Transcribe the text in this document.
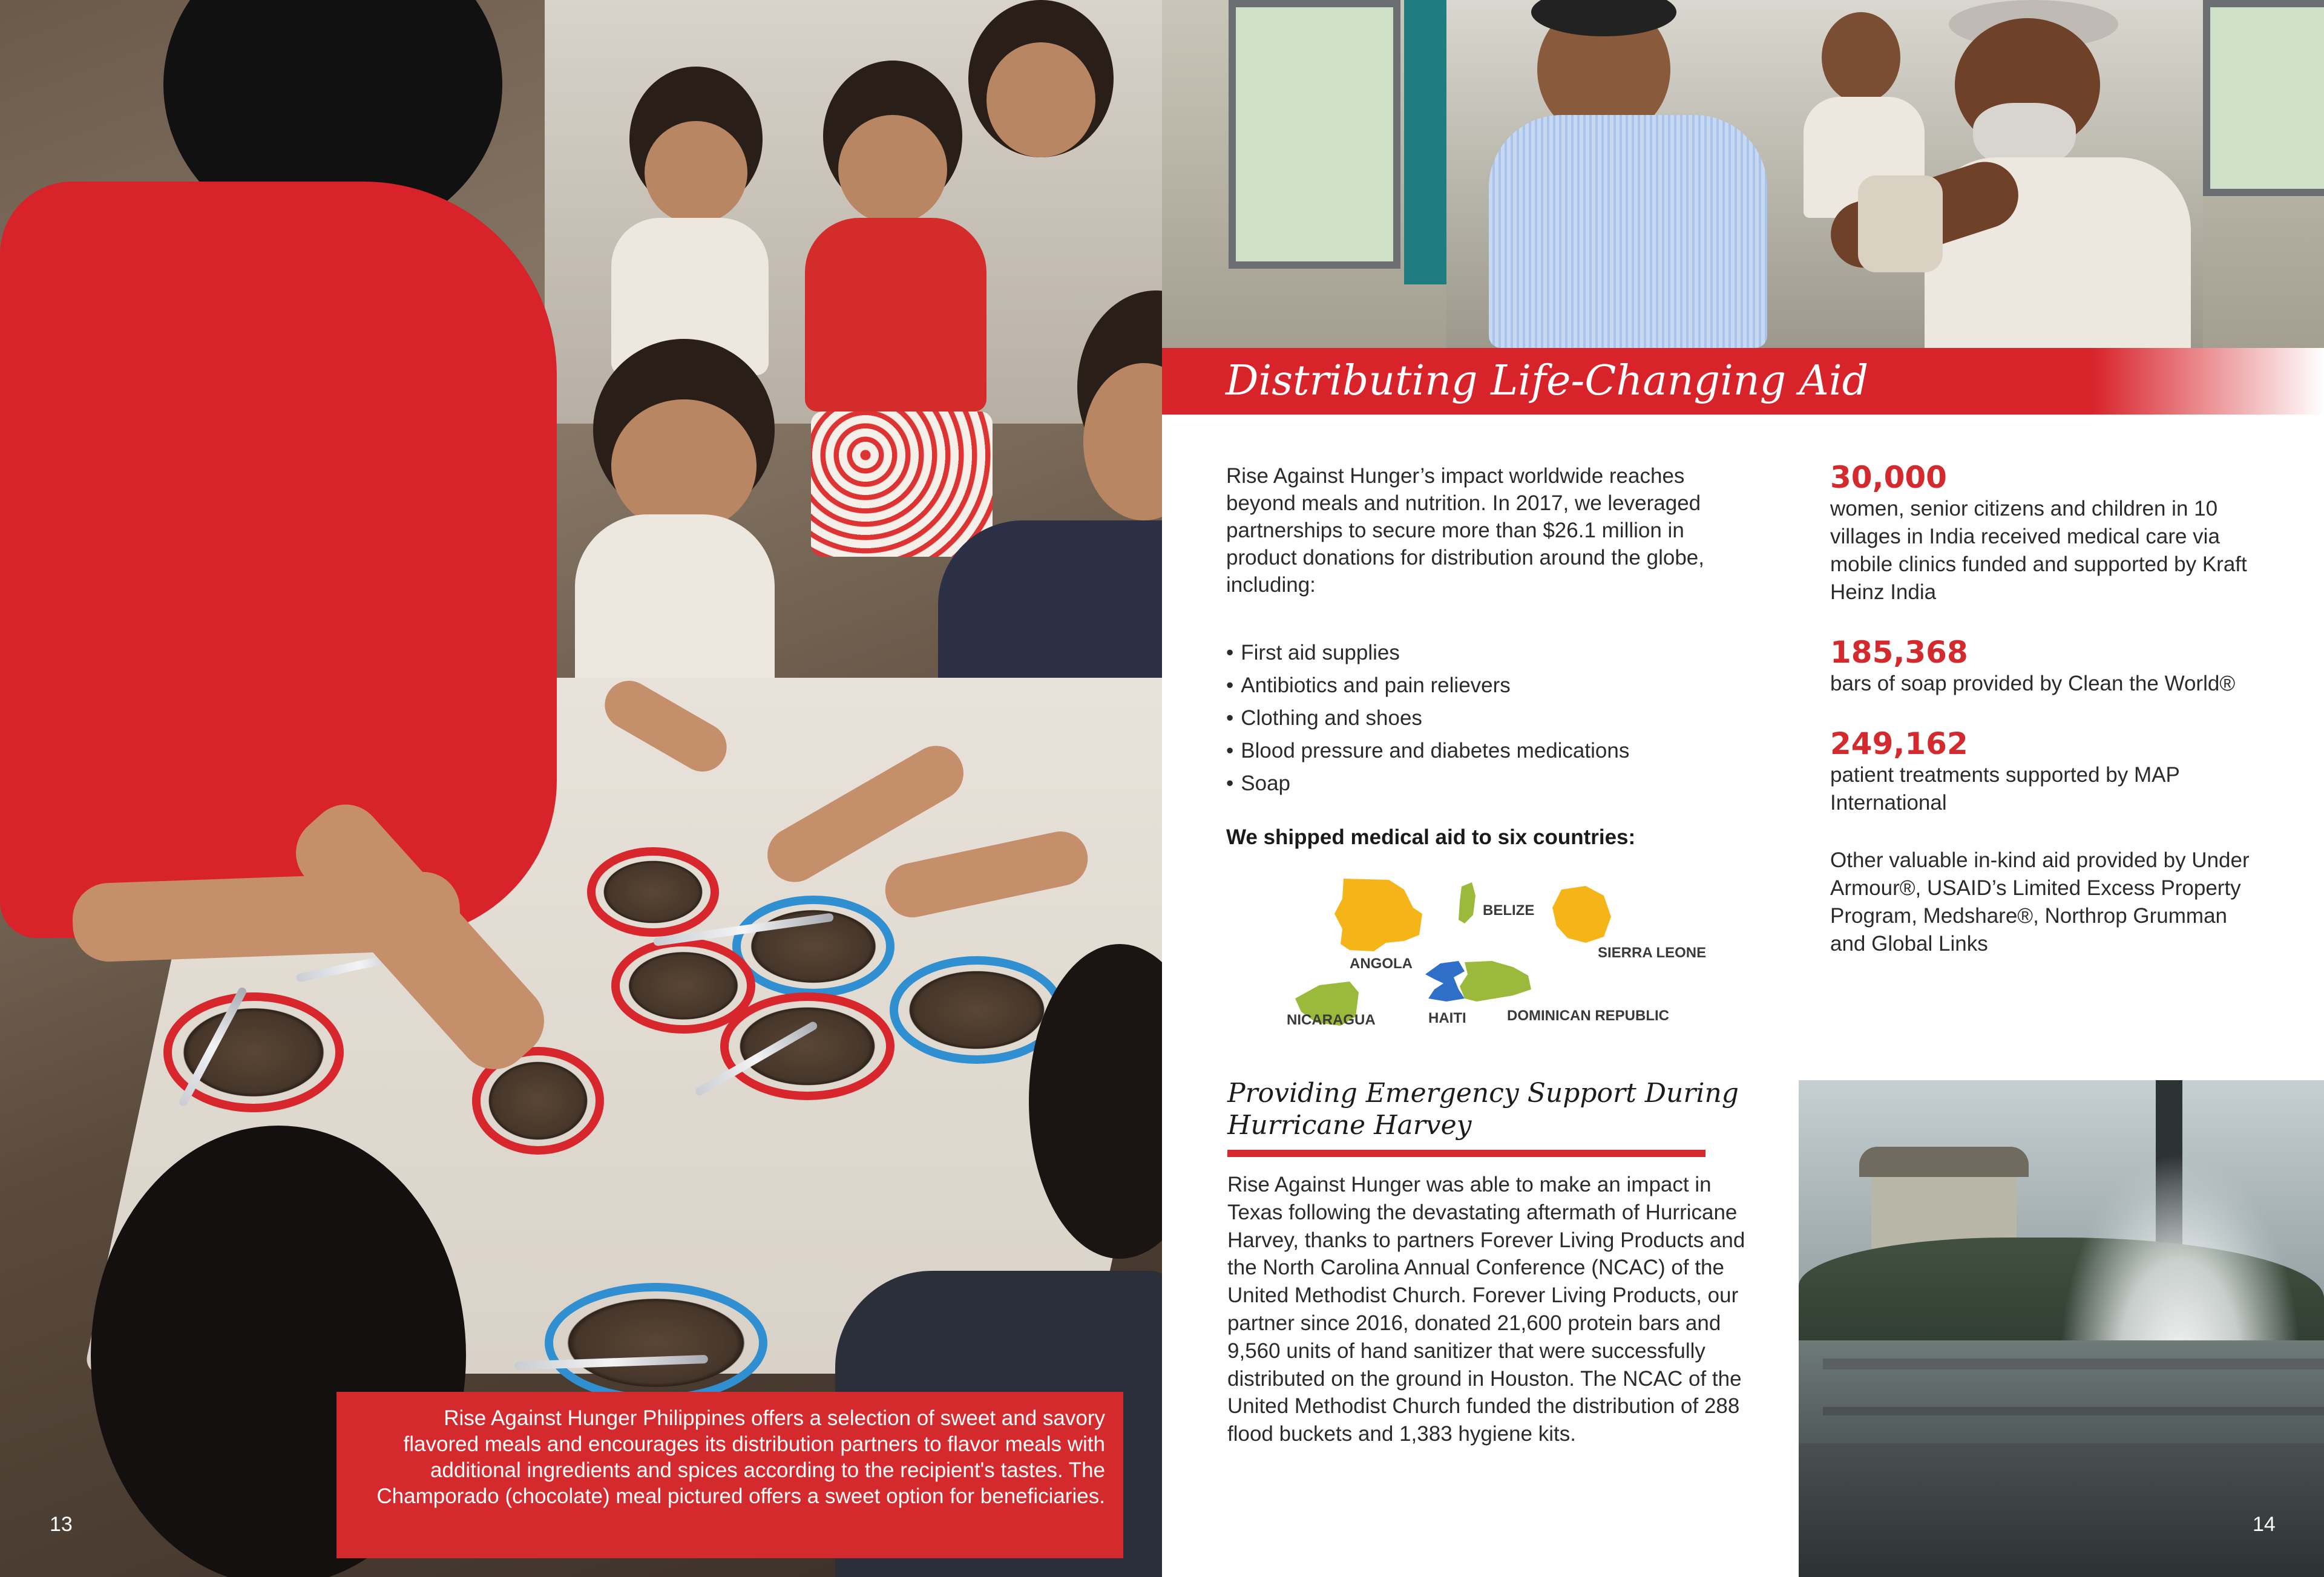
Rise Against Hunger Philippines offers a selection of sweet and savory flavored meals and encourages its distribution partners to flavor meals with additional ingredients and spices according to the recipient's tastes. The Champorado (chocolate) meal pictured offers a sweet option for beneficiaries.
13
Distributing Life-Changing Aid
Rise Against Hunger’s impact worldwide reaches beyond meals and nutrition. In 2017, we leveraged partnerships to secure more than $26.1 million in product donations for distribution around the globe, including:
• First aid supplies
• Antibiotics and pain relievers
• Clothing and shoes
• Blood pressure and diabetes medications
• Soap
We shipped medical aid to six countries:
ANGOLA
BELIZE
SIERRA LEONE
NICARAGUA	HAITI	DOMINICAN REPUBLIC
30,000
women, senior citizens and children in 10 villages in India received medical care via mobile clinics funded and supported by Kraft Heinz India
185,368
bars of soap provided by Clean the World®
249,162
patient treatments supported by MAP International
Other valuable in-kind aid provided by Under Armour®, USAID’s Limited Excess Property Program, Medshare®, Northrop Grumman and Global Links
Providing Emergency Support During Hurricane Harvey
Rise Against Hunger was able to make an impact in Texas following the devastating aftermath of Hurricane Harvey, thanks to partners Forever Living Products and the North Carolina Annual Conference (NCAC) of the United Methodist Church. Forever Living Products, our partner since 2016, donated 21,600 protein bars and 9,560 units of hand sanitizer that were successfully distributed on the ground in Houston. The NCAC of the United Methodist Church funded the distribution of 288 flood buckets and 1,383 hygiene kits.
14
